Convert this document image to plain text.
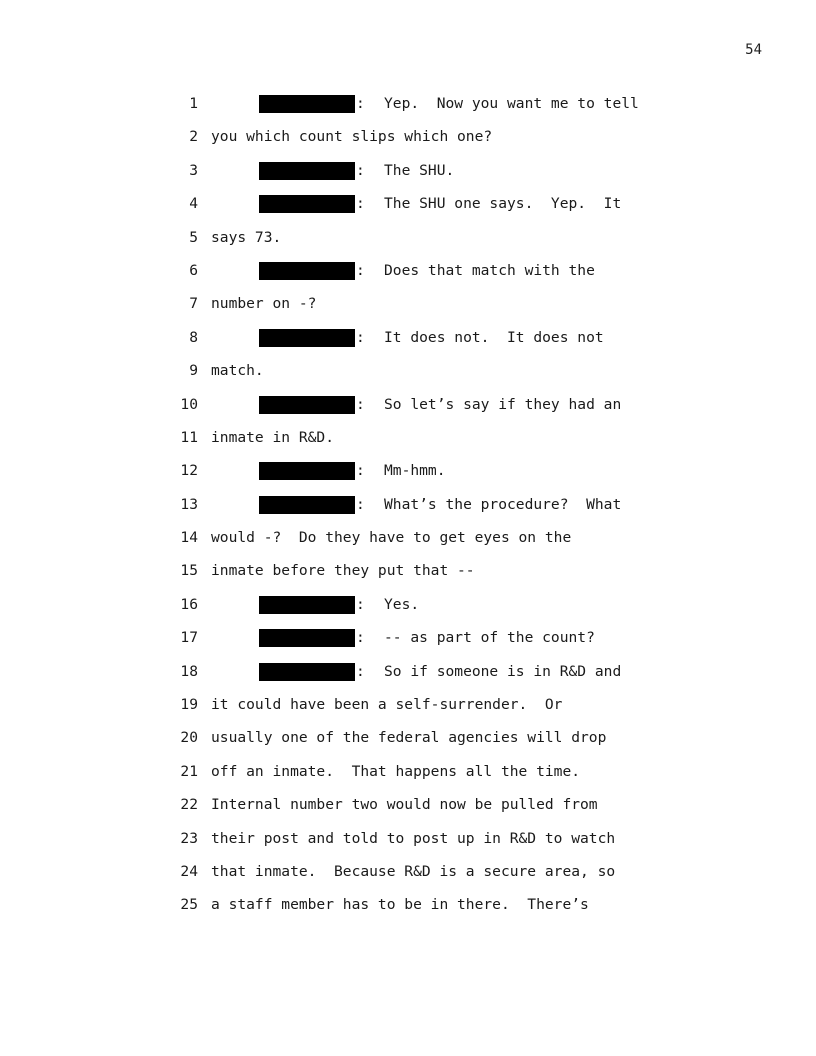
54
1	: Yep.  Now you want me to tell
2 you which count slips which one?
3	: The SHU.
4	: The SHU one says.  Yep.  It
5 says 73.
6	: Does that match with the
7 number on -?
8	: It does not.  It does not
9 match.
10	: So let’s say if they had an
11 inmate in R&D.
12	: Mm-hmm.
13	: What’s the procedure?  What
14 would -?  Do they have to get eyes on the
15 inmate before they put that --
16	: Yes.
17	: -- as part of the count?
18	: So if someone is in R&D and
19 it could have been a self-surrender.  Or
20 usually one of the federal agencies will drop
21 off an inmate.  That happens all the time.
22 Internal number two would now be pulled from
23 their post and told to post up in R&D to watch
24 that inmate.  Because R&D is a secure area, so
25 a staff member has to be in there.  There’s
